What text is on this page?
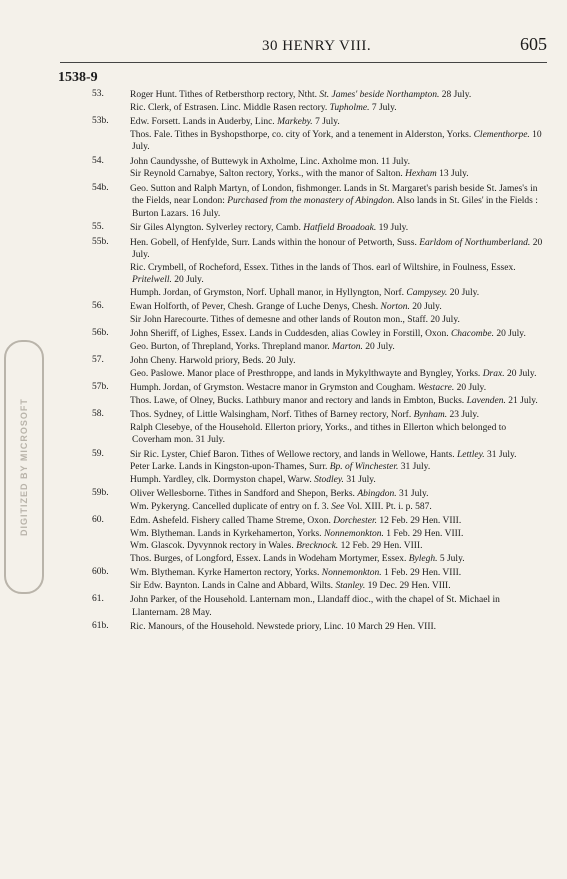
30 HENRY VIII.	605
1538-9
DIGITIZED BY MICROSOFT
53.	Roger Hunt. Tithes of Retbersthorp rectory, Ntht. St. James' beside Northampton. 28 July.
Ric. Clerk, of Estrasen. Linc. Middle Rasen rectory. Tupholme. 7 July.
53b.	Edw. Forsett. Lands in Auderby, Linc. Markeby. 7 July.
Thos. Fale. Tithes in Byshopsthorpe, co. city of York, and a tenement in Alderston, Yorks. Clementhorpe. 10 July.
54.	John Caundysshe, of Buttewyk in Axholme, Linc. Axholme mon. 11 July.
Sir Reynold Carnabye, Salton rectory, Yorks., with the manor of Salton. Hexham 13 July.
54b.	Geo. Sutton and Ralph Martyn, of London, fishmonger. Lands in St. Margaret's parish beside St. James's in the Fields, near London: Purchased from the monastery of Abingdon. Also lands in St. Giles' in the Fields : Burton Lazars. 16 July.
55.	Sir Giles Alyngton. Sylverley rectory, Camb. Hatfield Broadoak. 19 July.
55b.	Hen. Gobell, of Henfylde, Surr. Lands within the honour of Petworth, Suss. Earldom of Northumberland. 20 July.
Ric. Crymbell, of Rocheford, Essex. Tithes in the lands of Thos. earl of Wiltshire, in Foulness, Essex. Pritelwell. 20 July.
Humph. Jordan, of Grymston, Norf. Uphall manor, in Hyllyngton, Norf. Campysey. 20 July.
56.	Ewan Holforth, of Pever, Chesh. Grange of Luche Denys, Chesh. Norton. 20 July.
Sir John Harecourte. Tithes of demesne and other lands of Routon mon., Staff. 20 July.
56b.	John Sheriff, of Lighes, Essex. Lands in Cuddesden, alias Cowley in Forstill, Oxon. Chacombe. 20 July.
Geo. Burton, of Threpland, Yorks. Threpland manor. Marton. 20 July.
57.	John Cheny. Harwold priory, Beds. 20 July.
Geo. Paslowe. Manor place of Presthroppe, and lands in Mykylthwayte and Byngley, Yorks. Drax. 20 July.
57b.	Humph. Jordan, of Grymston. Westacre manor in Grymston and Cougham. Westacre. 20 July.
Thos. Lawe, of Olney, Bucks. Lathbury manor and rectory and lands in Embton, Bucks. Lavenden. 21 July.
58.	Thos. Sydney, of Little Walsingham, Norf. Tithes of Barney rectory, Norf. Bynham. 23 July.
Ralph Clesebye, of the Household. Ellerton priory, Yorks., and tithes in Ellerton which belonged to Coverham mon. 31 July.
59.	Sir Ric. Lyster, Chief Baron. Tithes of Wellowe rectory, and lands in Wellowe, Hants. Lettley. 31 July.
Peter Larke. Lands in Kingston-upon-Thames, Surr. Bp. of Winchester. 31 July.
Humph. Yardley, clk. Dormyston chapel, Warw. Stodley. 31 July.
59b.	Oliver Wellesborne. Tithes in Sandford and Shepon, Berks. Abingdon. 31 July.
Wm. Pykeryng. Cancelled duplicate of entry on f. 3. See Vol. XIII. Pt. i. p. 587.
60.	Edm. Ashefeld. Fishery called Thame Streme, Oxon. Dorchester. 12 Feb. 29 Hen. VIII.
Wm. Blytheman. Lands in Kyrkehamerton, Yorks. Nonnemonkton. 1 Feb. 29 Hen. VIII.
Wm. Glascok. Dyvynnok rectory in Wales. Brecknock. 12 Feb. 29 Hen. VIII.
Thos. Burges, of Longford, Essex. Lands in Wodeham Mortymer, Essex. Bylegh. 5 July.
60b.	Wm. Blytheman. Kyrke Hamerton rectory, Yorks. Nonnemonkton. 1 Feb. 29 Hen. VIII.
Sir Edw. Baynton. Lands in Calne and Abbard, Wilts. Stanley. 19 Dec. 29 Hen. VIII.
61.	John Parker, of the Household. Lanternam mon., Llandaff dioc., with the chapel of St. Michael in Llanternam. 28 May.
61b.	Ric. Manours, of the Household. Newstede priory, Linc. 10 March 29 Hen. VIII.
